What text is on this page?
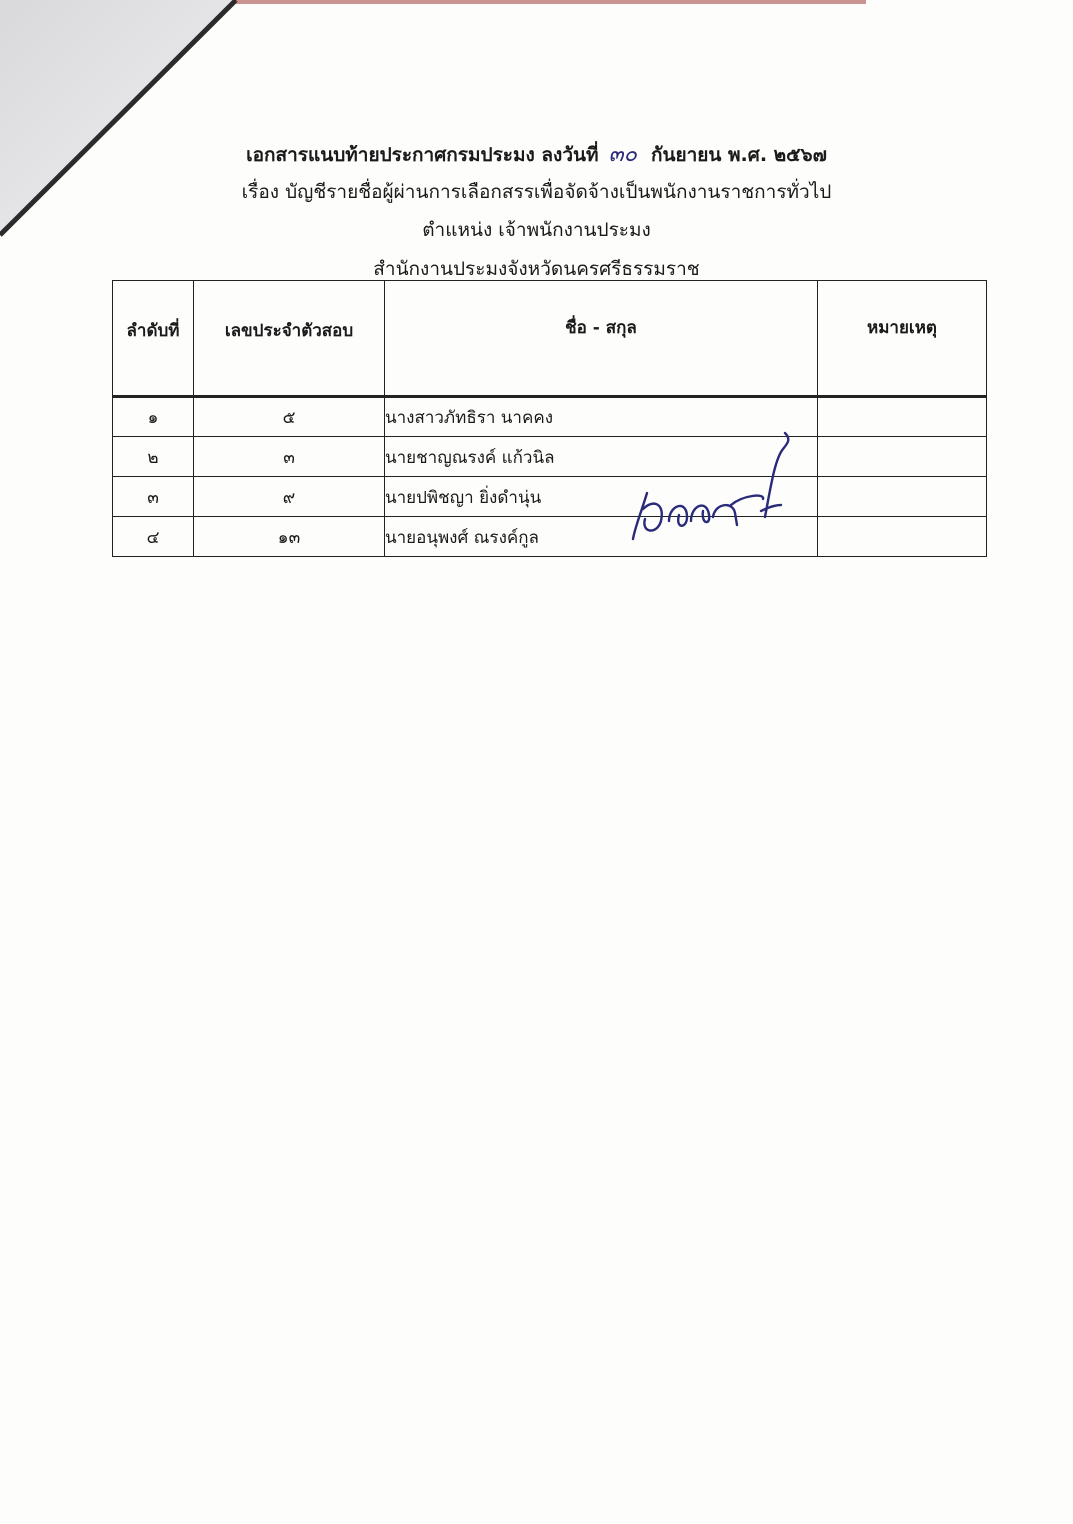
เอกสารแนบท้ายประกาศกรมประมง ลงวันที่ ๓๐ กันยายน พ.ศ. ๒๕๖๗
เรื่อง บัญชีรายชื่อผู้ผ่านการเลือกสรรเพื่อจัดจ้างเป็นพนักงานราชการทั่วไป
ตำแหน่ง เจ้าพนักงานประมง
สำนักงานประมงจังหวัดนครศรีธรรมราช
ลำดับที่	เลขประจำตัวสอบ	ชื่อ - สกุล	หมายเหตุ
๑	๕	นางสาวภัทธิรา นาคคง	
๒	๓	นายชาญณรงค์ แก้วนิล	
๓	๙	นายปพิชญา ยิ่งดำนุ่น	
๔	๑๓	นายอนุพงศ์ ณรงค์กูล	
